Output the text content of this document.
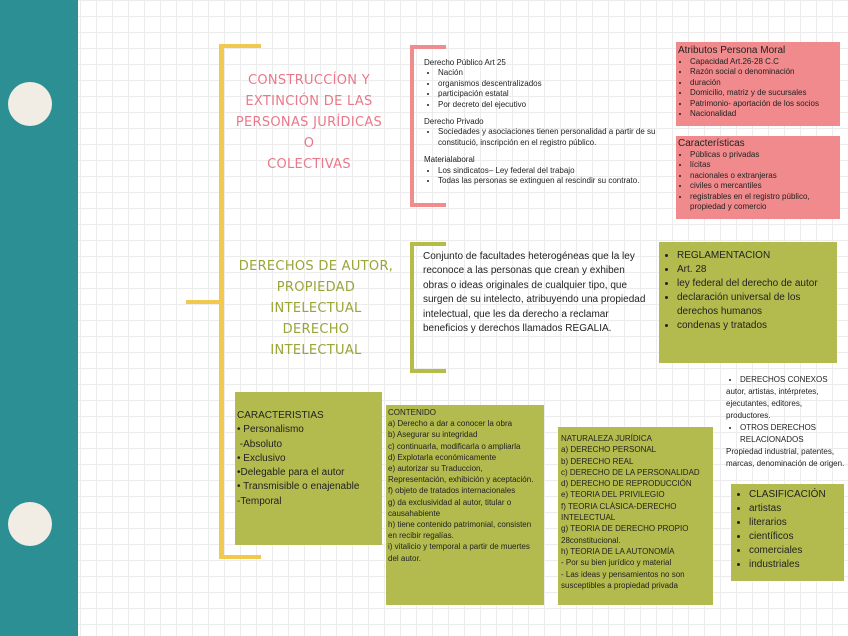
CONSTRUCCÍON Y
EXTINCIÓN DE LAS
PERSONAS JURÍDICAS O
COLECTIVAS
Derecho Público Art 25
• Nación
• organismos descentralizados
• participación estatal
• Por decreto del ejecutivo
Derecho Privado
• Sociedades y asociaciones tienen personalidad a partir de su constitució, inscripción en el registro público.
Materialaboral
• Los sindicatos– Ley federal del trabajo
• Todas las personas se extinguen al rescindir su contrato.
Atributos Persona Moral
• Capacidad Art.26-28 C.C
• Razón social o denominación
• duración
• Domicilio, matriz y de sucursales
• Patrimonio- aportación de los socios
• Nacionalidad
Características
• Públicas o privadas
• lícitas
• nacionales o extranjeras
• civiles o mercantiles
• registrables en el registro público, propiedad y comercio
DERECHOS DE AUTOR,
PROPIEDAD INTELECTUAL
DERECHO INTELECTUAL
Conjunto de facultades heterogéneas que la ley reconoce a las personas que crean y exhiben obras o ideas originales de cualquier tipo, que surgen de su intelecto, atribuyendo una propiedad intelectual, que les da derecho a reclamar beneficios y derechos llamados REGALIA.
• REGLAMENTACION
• Art. 28
• ley federal del derecho de autor
• declaración universal de los derechos humanos
• condenas y tratados
• DERECHOS CONEXOS
autor, artistas, intérpretes, ejecutantes, editores, productores.
• OTROS DERECHOS RELACIONADOS
Propiedad industrial, patentes, marcas, denominación de origen.
• CLASIFICACIÓN
• artistas
• literarios
• científicos
• comerciales
• industriales
CARACTERISTIAS
• Personalismo
-Absoluto
• Exclusivo
•Delegable para el autor
• Transmisible o enajenable
-Temporal
CONTENIDO
a) Derecho a dar a conocer la obra
b) Asegurar su integridad
c) continuarla, modificarla o ampliarla
d) Explotarla económicamente
e) autorizar su Traduccion, Representación, exhibición y aceptación.
f) objeto de tratados internacionales
g) da exclusividad al autor, titular o causahabiente
h) tiene contenido patrimonial, consisten en recibir regalías.
i) vitalicio y temporal a partir de muertes del autor.
NATURALEZA JURÍDICA
a) DERECHO PERSONAL
b) DERECHO REAL
c) DERECHO DE LA PERSONALIDAD
d) DERECHO DE REPRODUCCIÓN
e) TEORIA DEL PRIVILEGIO
f) TEORIA CLÁSICA-DERECHO INTELECTUAL
g) TEORIA DE DERECHO PROPIO 28constitucional.
h) TEORIA DE LA AUTONOMÍA
- Por su bien jurídico y material
- Las ideas y pensamientos no son susceptibles a propiedad privada
